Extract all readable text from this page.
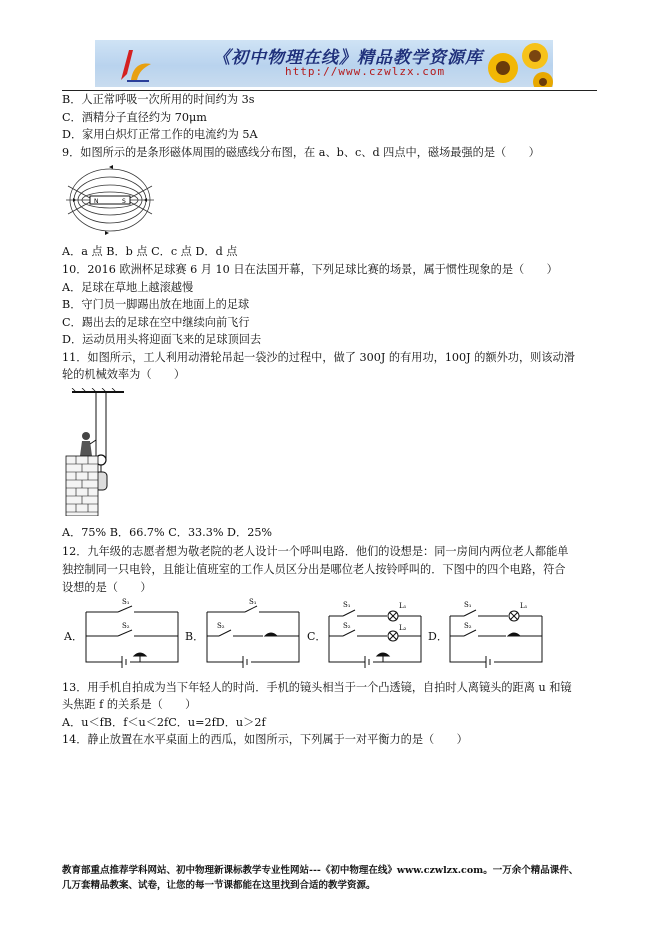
《初中物理在线》精品教学资源库
http://www.czwlzx.com
B．人正常呼吸一次所用的时间约为 3s
C．酒精分子直径约为 70μm
D．家用白炽灯正常工作的电流约为 5A
9．如图所示的是条形磁体周围的磁感线分布图，在 a、b、c、d 四点中，磁场最强的是（　　）
N	S
A．a 点 B．b 点 C．c 点 D．d 点
10．2016 欧洲杯足球赛 6 月 10 日在法国开幕，下列足球比赛的场景，属于惯性现象的是（　　）
A．足球在草地上越滚越慢
B．守门员一脚踢出放在地面上的足球
C．踢出去的足球在空中继续向前飞行
D．运动员用头将迎面飞来的足球顶回去
11．如图所示，工人利用动滑轮吊起一袋沙的过程中，做了 300J 的有用功，100J 的额外功，则该动滑
轮的机械效率为（　　）
A．75% B．66.7% C．33.3% D．25%
12．九年级的志愿者想为敬老院的老人设计一个呼叫电路．他们的设想是：同一房间内两位老人都能单
独控制同一只电铃，且能让值班室的工作人员区分出是哪位老人按铃呼叫的．下图中的四个电路，符合
设想的是（　　）
A．
S₁
S₂
B．
S₁
S₂
C．
S₁
S₂
L₁
L₂
D．
S₁
S₂
L₁
13．用手机自拍成为当下年轻人的时尚．手机的镜头相当于一个凸透镜，自拍时人离镜头的距离 u 和镜
头焦距 f 的关系是（　　）
A．u＜fB．f＜u＜2fC．u=2fD．u＞2f
14．静止放置在水平桌面上的西瓜，如图所示，下列属于一对平衡力的是（　　）
教育部重点推荐学科网站、初中物理新课标教学专业性网站---《初中物理在线》www.czwlzx.com。一万余个精品课件、
几万套精品教案、试卷，让您的每一节课都能在这里找到合适的教学资源。
